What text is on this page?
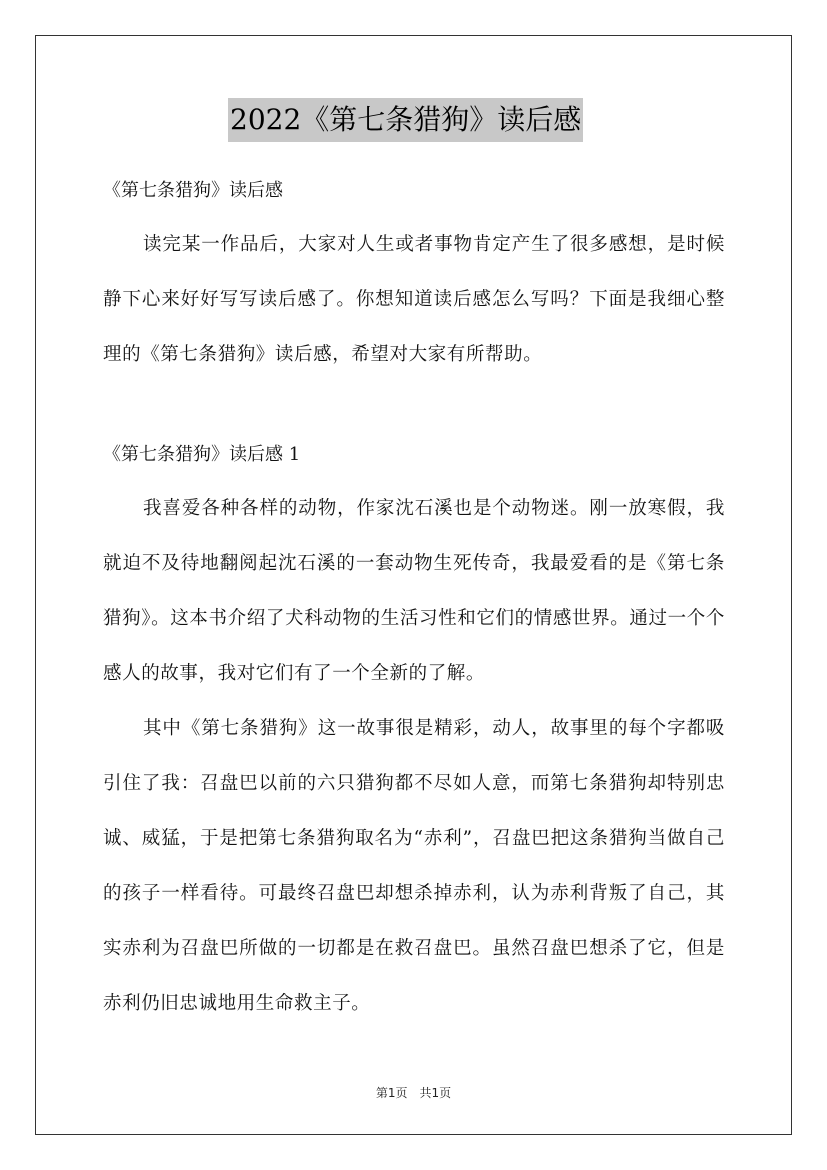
2022《第七条猎狗》读后感

《第七条猎狗》读后感

读完某一作品后，大家对人生或者事物肯定产生了很多感想，是时候静下心来好好写写读后感了。你想知道读后感怎么写吗？下面是我细心整理的《第七条猎狗》读后感，希望对大家有所帮助。

《第七条猎狗》读后感 1

我喜爱各种各样的动物，作家沈石溪也是个动物迷。刚一放寒假，我就迫不及待地翻阅起沈石溪的一套动物生死传奇，我最爱看的是《第七条猎狗》。这本书介绍了犬科动物的生活习性和它们的情感世界。通过一个个感人的故事，我对它们有了一个全新的了解。

其中《第七条猎狗》这一故事很是精彩，动人，故事里的每个字都吸引住了我：召盘巴以前的六只猎狗都不尽如人意，而第七条猎狗却特别忠诚、威猛，于是把第七条猎狗取名为“赤利”，召盘巴把这条猎狗当做自己的孩子一样看待。可最终召盘巴却想杀掉赤利，认为赤利背叛了自己，其实赤利为召盘巴所做的一切都是在救召盘巴。虽然召盘巴想杀了它，但是赤利仍旧忠诚地用生命救主子。

第1页　共1页
